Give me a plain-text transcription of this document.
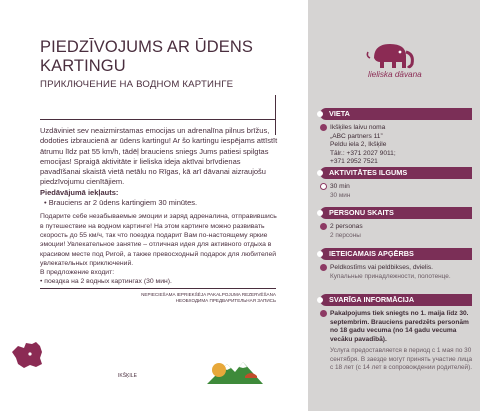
PIEDZĪVOJUMS AR ŪDENS KARTINGU
ПРИКЛЮЧЕНИЕ НА ВОДНОМ КАРТИНГЕ
Uzdāviniet sev neaizmirstamas emocijas un adrenalīna pilnus brīžus, dodoties izbraucienā ar ūdens kartingu! Ar šo kartingu iespējams attīstīt ātrumu līdz pat 55 km/h, tādēļ brauciens sniegs Jums patiesi spilgtas emocijas! Spraigā aktivitāte ir lieliska ideja aktīvai brīvdienas pavadīšanai skaistā vietā netālu no Rīgas, kā arī dāvanai aizraujošu piedzīvojumu cienītājiem.
Piedāvājumā iekļauts:
• Brauciens ar 2 ūdens kartingiem 30 minūtes.
Подарите себе незабываемые эмоции и заряд адреналина, отправившись в путешествие на водном картинге! На этом картинге можно развивать скорость до 55 км/ч, так что поездка подарит Вам по-настоящему яркие эмоции! Увлекательное занятие – отличная идея для активного отдыха в красивом месте под Ригой, а также превосходный подарок для любителей увлекательных приключений.
В предложение входит:
• поездка на 2 водных картингах (30 мин).
NEPIECIEŠAMA IEPRIEKŠĒJA PAKALPOJUMA REZERVĒŠANA
НЕОБХОДИМА ПРЕДВАРИТЕЛЬНАЯ ЗАПИСЬ
IKŠĶILE
lieliska dāvana
VIETA
Ikšķiles laivu noma
„ABC partners 11”
Peldu iela 2, Ikšķile
Tālr.: +371 2027 9011;
+371 2952 7521
AKTIVITĀTES ILGUMS
30 min
30 мин
PERSONU SKAITS
2 personas
2 персоны
IETEICAMAIS APĢĒRBS
Peldkostīms vai peldbikses, dvielis.
Купальные принадлежности, полотенце.
SVARĪGA INFORMĀCIJA
Pakalpojums tiek sniegts no 1. maija līdz 30. septembrim. Brauciens paredzēts personām no 18 gadu vecuma (no 14 gadu vecuma vecāku pavadībā).
Услуга предоставляется в период с 1 мая по 30 сентября. В заезде могут принять участие лица с 18 лет (с 14 лет в сопровождении родителей).
